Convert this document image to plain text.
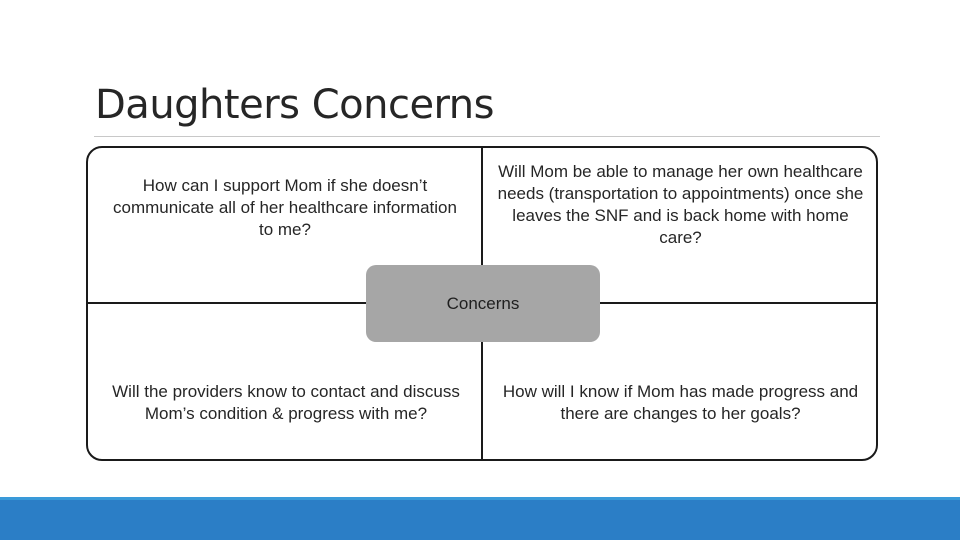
Daughters Concerns
How can I support Mom if she doesn’t communicate all of her healthcare information to me?
Will Mom be able to manage her own healthcare needs (transportation to appointments) once she leaves the SNF and is back home with home care?
Will the providers know to contact and discuss Mom’s condition & progress with me?
How will I know if Mom has made progress and there are changes to her goals?
Concerns
